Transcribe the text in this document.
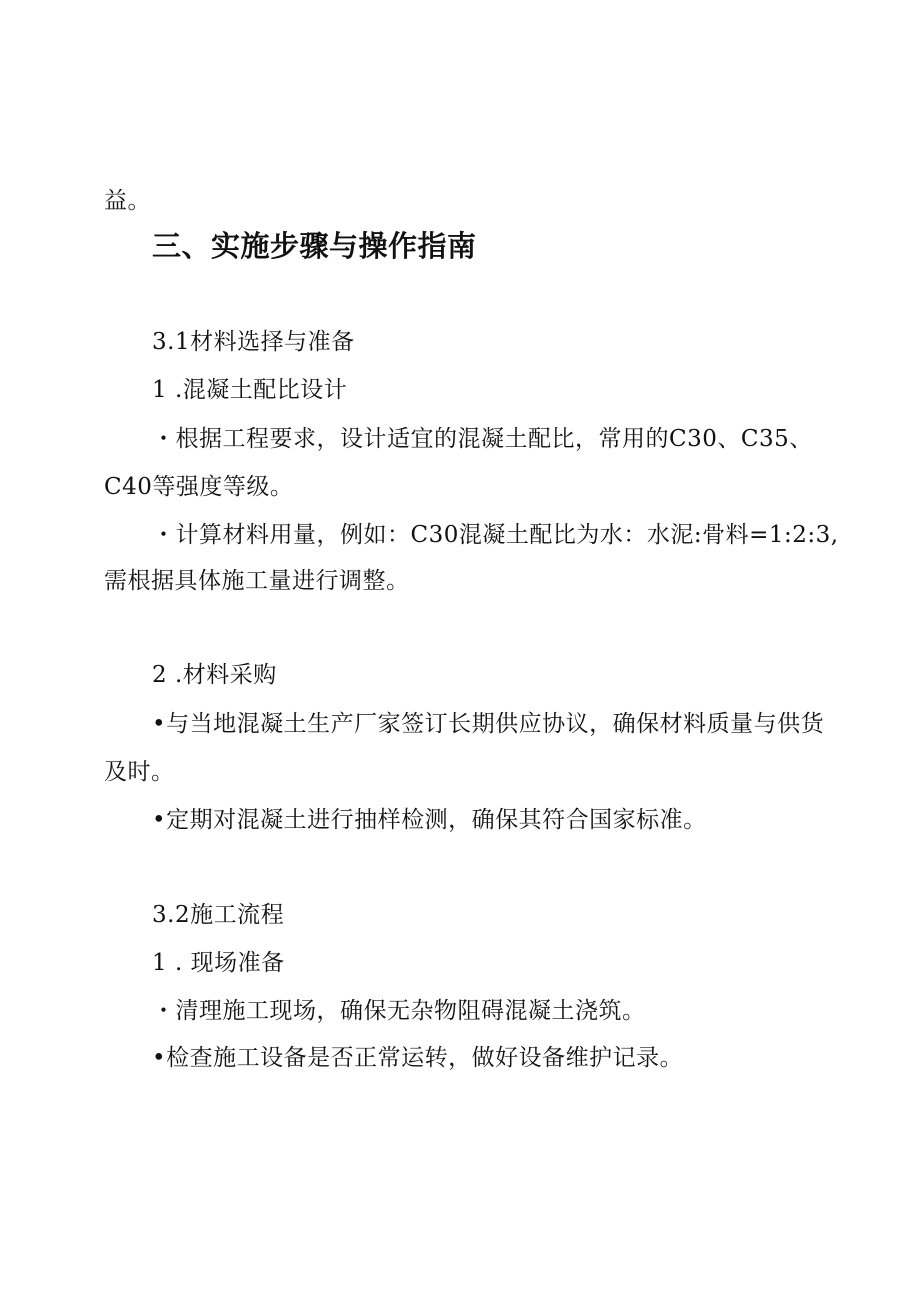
益。
三、实施步骤与操作指南
3.1材料选择与准备
1 .混凝土配比设计
・根据工程要求，设计适宜的混凝土配比，常用的C30、C35、
C40等强度等级。
・计算材料用量，例如：C30混凝土配比为水：水泥:骨料=1:2:3,
需根据具体施工量进行调整。
2 .材料采购
•与当地混凝土生产厂家签订长期供应协议，确保材料质量与供货
及时。
•定期对混凝土进行抽样检测，确保其符合国家标准。
3.2施工流程
1 . 现场准备
・清理施工现场，确保无杂物阻碍混凝土浇筑。
•检查施工设备是否正常运转，做好设备维护记录。
